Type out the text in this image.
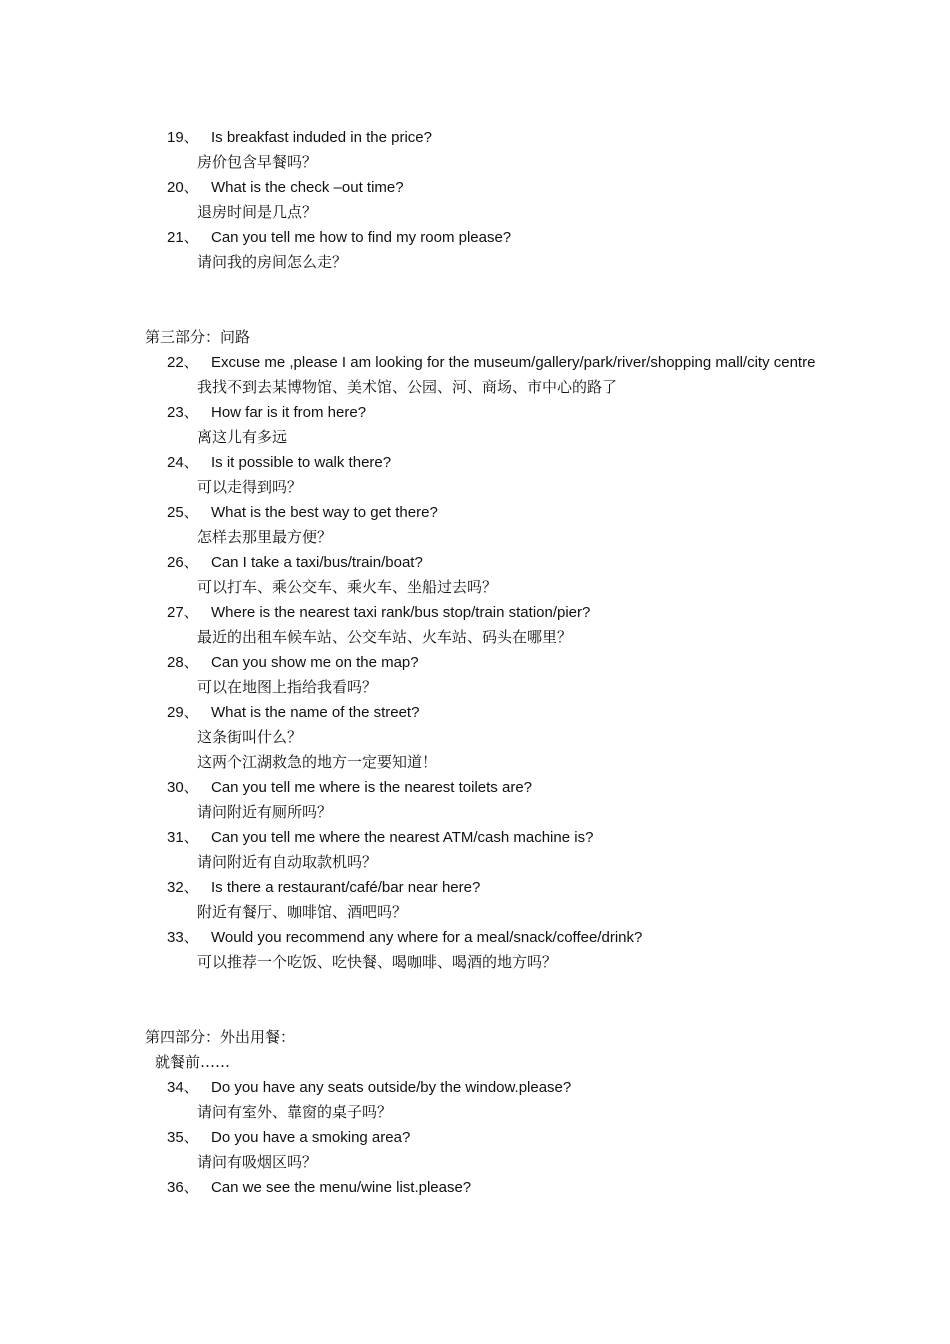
19、 Is breakfast induded in the price?
房价包含早餐吗？
20、 What is the check –out time?
退房时间是几点？
21、 Can you tell me how to find my room please?
请问我的房间怎么走？
第三部分：问路
22、 Excuse me ,please I am looking for the museum/gallery/park/river/shopping mall/city centre
我找不到去某博物馆、美术馆、公园、河、商场、市中心的路了
23、 How far is it from here?
离这儿有多远
24、 Is it possible to walk there?
可以走得到吗？
25、 What is the best way to get there?
怎样去那里最方便？
26、 Can I take a taxi/bus/train/boat?
可以打车、乘公交车、乘火车、坐船过去吗？
27、 Where is the nearest taxi rank/bus stop/train station/pier?
最近的出租车候车站、公交车站、火车站、码头在哪里？
28、 Can you show me on the map?
可以在地图上指给我看吗？
29、 What is the name of the street?
这条街叫什么？
这两个江湖救急的地方一定要知道！
30、 Can you tell me where is the nearest toilets are?
请问附近有厕所吗？
31、 Can you tell me where the nearest ATM/cash machine is?
请问附近有自动取款机吗？
32、 Is there a restaurant/café/bar near here?
附近有餐厅、咖啡馆、酒吧吗？
33、 Would you recommend any where for a meal/snack/coffee/drink?
可以推荐一个吃饭、吃快餐、喝咖啡、喝酒的地方吗？
第四部分：外出用餐：
就餐前……
34、 Do you have any seats outside/by the window.please?
请问有室外、靠窗的桌子吗？
35、 Do you have a smoking area?
请问有吸烟区吗？
36、 Can we see the menu/wine list.please?
